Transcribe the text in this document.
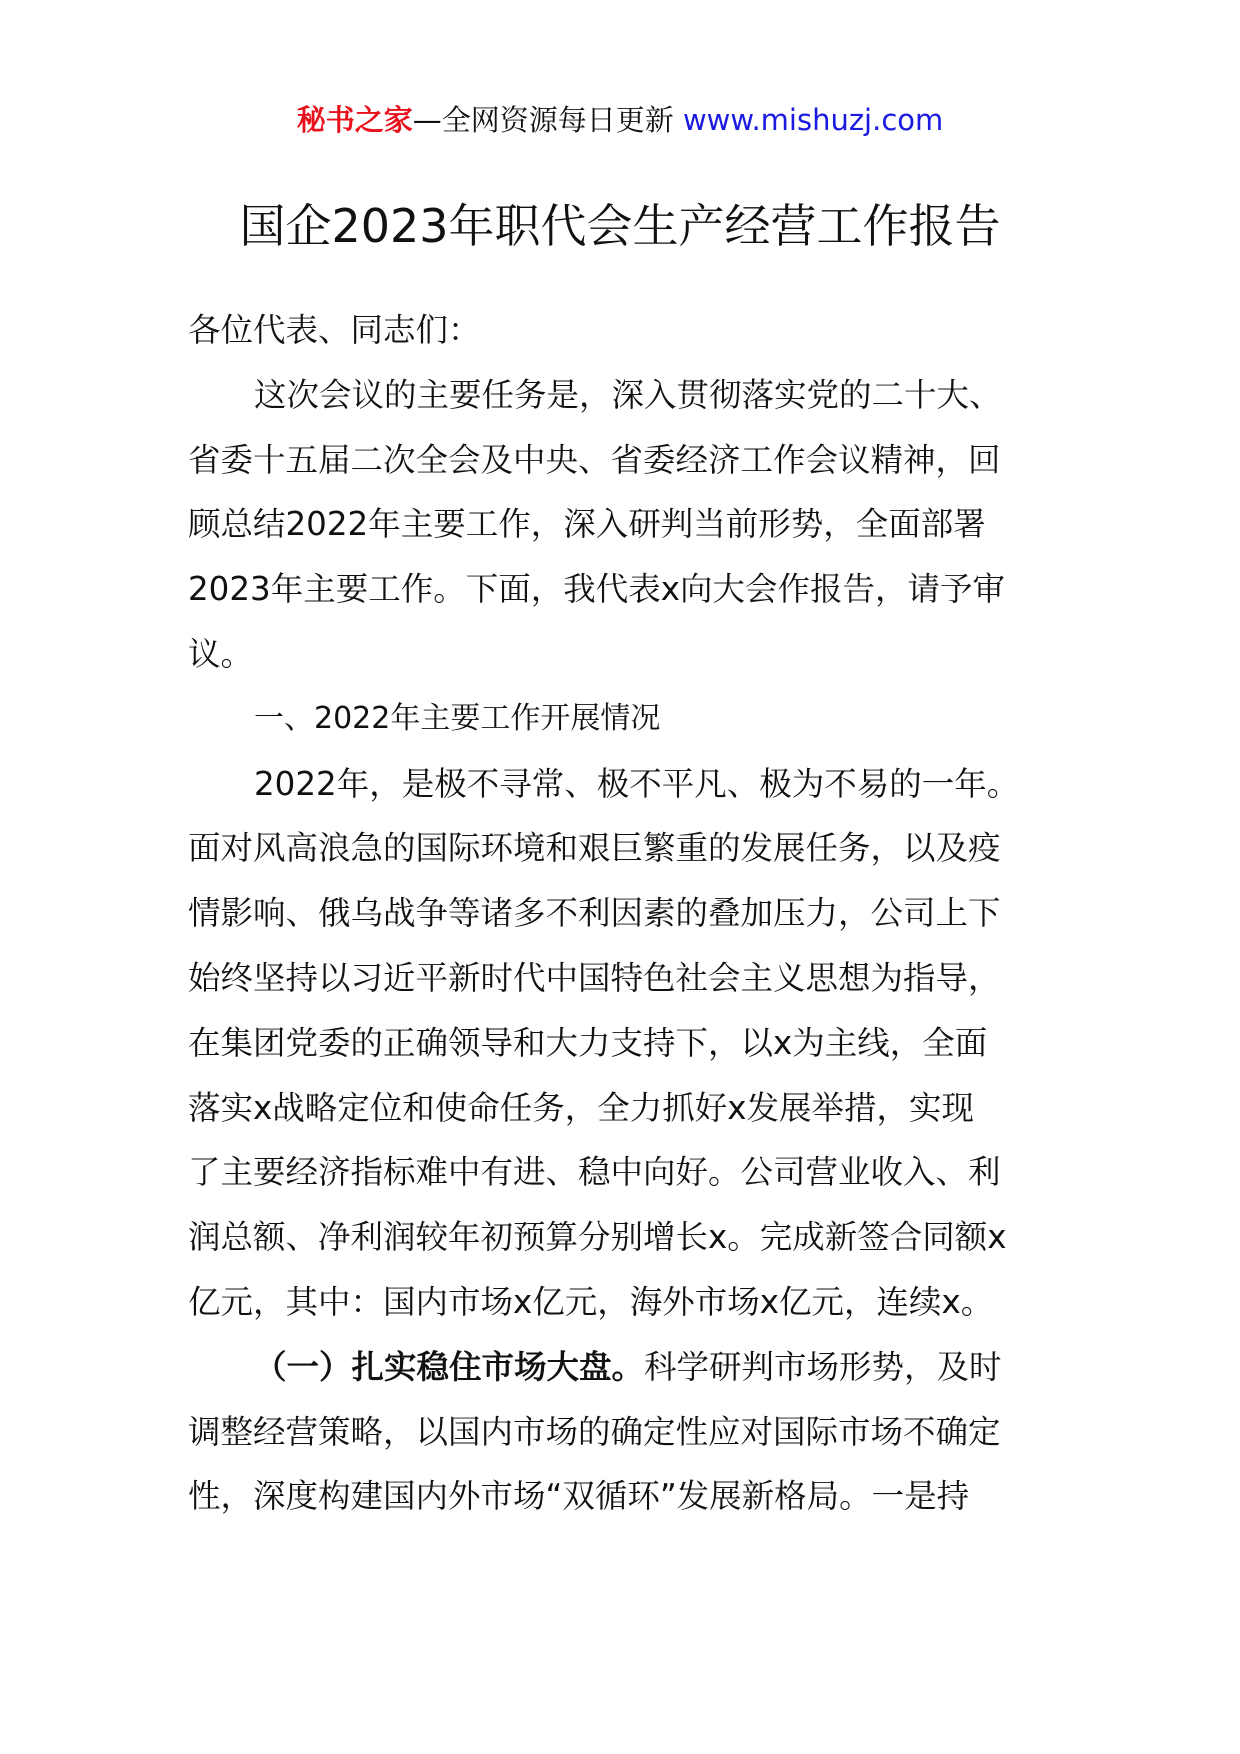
秘书之家—全网资源每日更新 www.mishuzj.com
国企2023年职代会生产经营工作报告

各位代表、同志们：

这次会议的主要任务是，深入贯彻落实党的二十大、

省委十五届二次全会及中央、省委经济工作会议精神，回

顾总结2022年主要工作，深入研判当前形势，全面部署

2023年主要工作。下面，我代表x向大会作报告，请予审

议。

一、2022年主要工作开展情况

2022年，是极不寻常、极不平凡、极为不易的一年。

面对风高浪急的国际环境和艰巨繁重的发展任务，以及疫

情影响、俄乌战争等诸多不利因素的叠加压力，公司上下

始终坚持以习近平新时代中国特色社会主义思想为指导，

在集团党委的正确领导和大力支持下，以x为主线，全面

落实x战略定位和使命任务，全力抓好x发展举措，实现

了主要经济指标难中有进、稳中向好。公司营业收入、利

润总额、净利润较年初预算分别增长x。完成新签合同额x

亿元，其中：国内市场x亿元，海外市场x亿元，连续x。

（一）扎实稳住市场大盘。科学研判市场形势，及时

调整经营策略，以国内市场的确定性应对国际市场不确定

性，深度构建国内外市场“双循环”发展新格局。一是持
